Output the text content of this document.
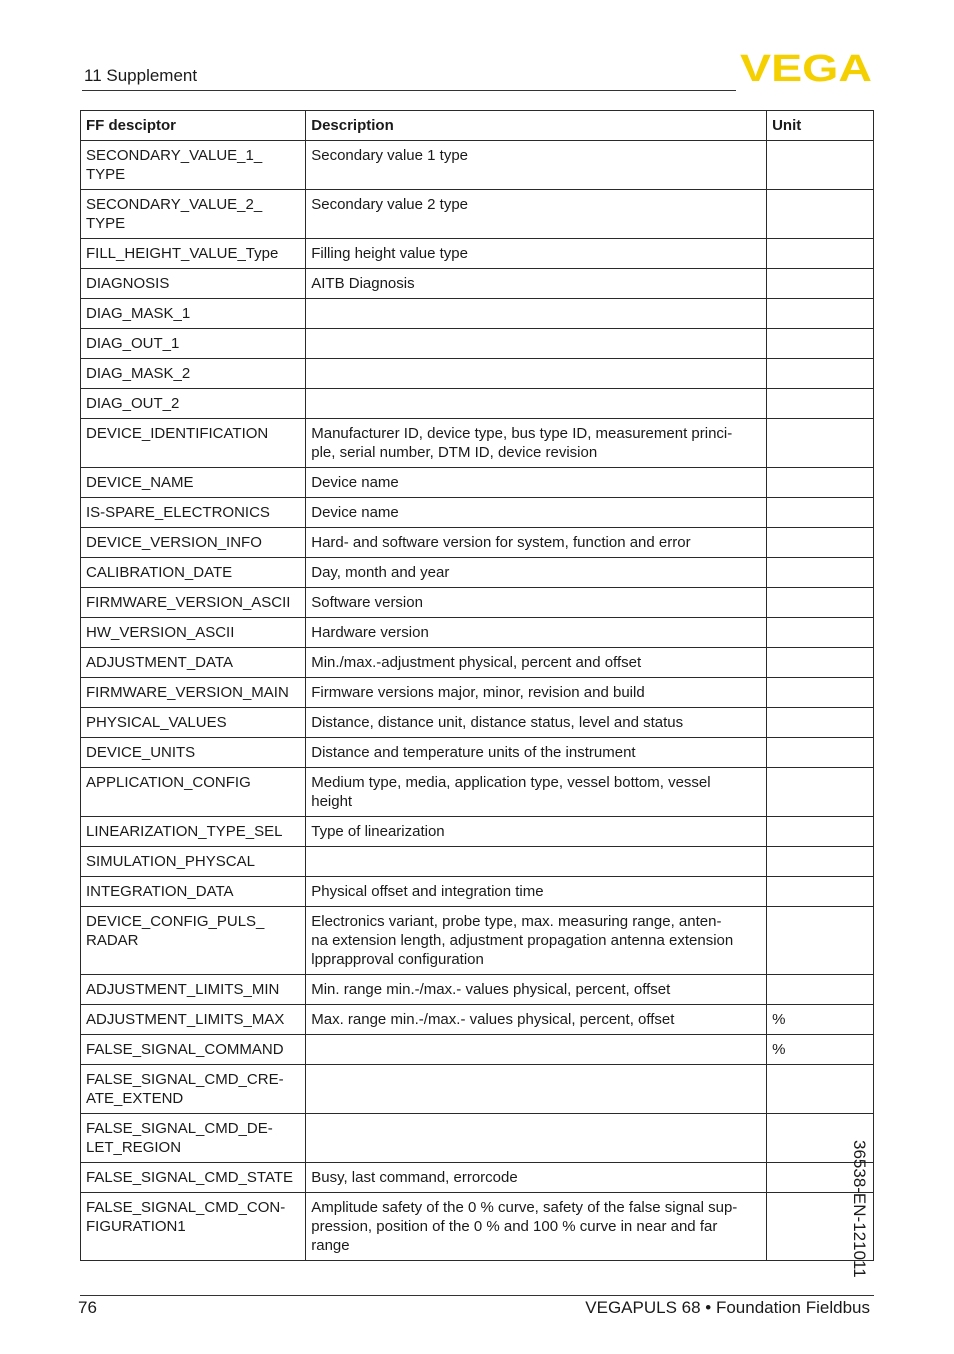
11 Supplement	VEGA
FF desciptor	Description	Unit
SECONDARY_VALUE_1_
TYPE	Secondary value 1 type	
SECONDARY_VALUE_2_
TYPE	Secondary value 2 type	
FILL_HEIGHT_VALUE_Type	Filling height value type	
DIAGNOSIS	AITB Diagnosis	
DIAG_MASK_1		
DIAG_OUT_1		
DIAG_MASK_2		
DIAG_OUT_2		
DEVICE_IDENTIFICATION	Manufacturer ID, device type, bus type ID, measurement princi-
ple, serial number, DTM ID, device revision	
DEVICE_NAME	Device name	
IS-SPARE_ELECTRONICS	Device name	
DEVICE_VERSION_INFO	Hard- and software version for system, function and error	
CALIBRATION_DATE	Day, month and year	
FIRMWARE_VERSION_ASCII	Software version	
HW_VERSION_ASCII	Hardware version	
ADJUSTMENT_DATA	Min./max.-adjustment physical, percent and offset	
FIRMWARE_VERSION_MAIN	Firmware versions major, minor, revision and build	
PHYSICAL_VALUES	Distance, distance unit, distance status, level and status	
DEVICE_UNITS	Distance and temperature units of the instrument	
APPLICATION_CONFIG	Medium type, media, application type, vessel bottom, vessel
height	
LINEARIZATION_TYPE_SEL	Type of linearization	
SIMULATION_PHYSCAL		
INTEGRATION_DATA	Physical offset and integration time	
DEVICE_CONFIG_PULS_
RADAR	Electronics variant, probe type, max. measuring range, anten-
na extension length, adjustment propagation antenna extension
lpprapproval configuration	
ADJUSTMENT_LIMITS_MIN	Min. range min.-/max.- values physical, percent, offset	
ADJUSTMENT_LIMITS_MAX	Max. range min.-/max.- values physical, percent, offset	%
FALSE_SIGNAL_COMMAND		%
FALSE_SIGNAL_CMD_CRE-
ATE_EXTEND		
FALSE_SIGNAL_CMD_DE-
LET_REGION		
FALSE_SIGNAL_CMD_STATE	Busy, last command, errorcode	
FALSE_SIGNAL_CMD_CON-
FIGURATION1	Amplitude safety of the 0 % curve, safety of the false signal sup-
pression, position of the 0 % and 100 % curve in near and far
range		36538-EN-121011
76	VEGAPULS 68 • Foundation Fieldbus
